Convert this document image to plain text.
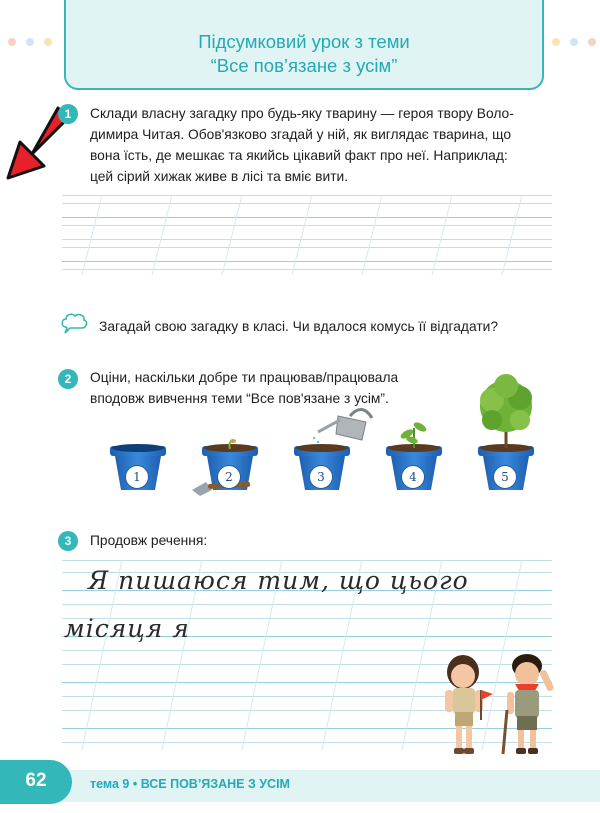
Підсумковий урок з теми
“Все пов’язане з усім”
1	Склади власну загадку про будь-яку тварину — героя твору Воло-
димира Читая. Обов'язково згадай у ній, як виглядає тварина, що
вона їсть, де мешкає та якийсь цікавий факт про неї. Наприклад:
цей сірий хижак живе в лісі та вміє вити.
Загадай свою загадку в класі. Чи вдалося комусь її відгадати?
2	Оціни, наскільки добре ти працював/працювала
вподовж вивчення теми “Все пов'язане з усім”.
1	2	3	4	5
3	Продовж речення:
Я пишаюся тим, що цього
місяця я
62	тема 9 • ВСЕ ПОВ’ЯЗАНЕ З УСІМ
